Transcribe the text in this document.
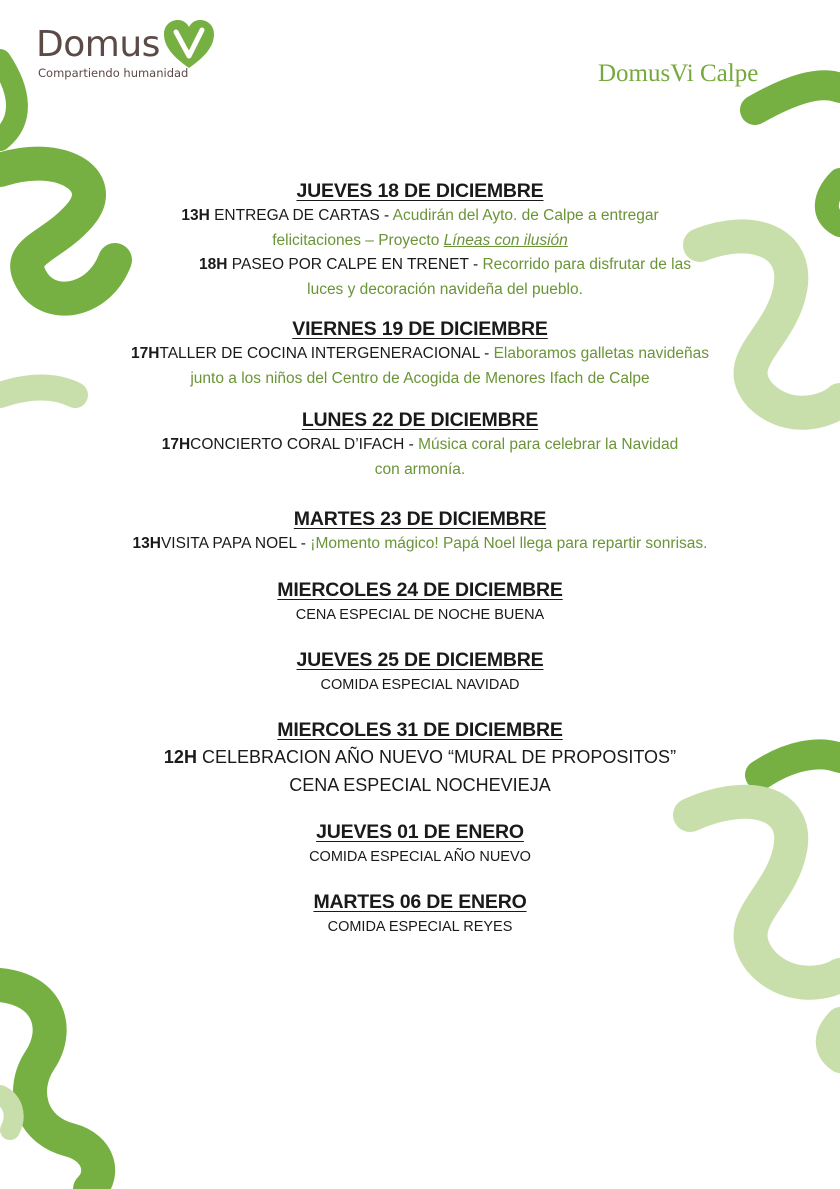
Domus
Compartiendo humanidad	DomusVi Calpe
JUEVES 18 DE DICIEMBRE
13H ENTREGA DE CARTAS - Acudirán del Ayto. de Calpe a entregar felicitaciones – Proyecto Líneas con ilusión
18H PASEO POR CALPE EN TRENET - Recorrido para disfrutar de las luces y decoración navideña del pueblo.
VIERNES 19 DE DICIEMBRE
17HTALLER DE COCINA INTERGENERACIONAL - Elaboramos galletas navideñas junto a los niños del Centro de Acogida de Menores Ifach de Calpe
LUNES 22 DE DICIEMBRE
17HCONCIERTO CORAL D’IFACH - Música coral para celebrar la Navidad con armonía.
MARTES 23 DE DICIEMBRE
13HVISITA PAPA NOEL - ¡Momento mágico! Papá Noel llega para repartir sonrisas.
MIERCOLES 24 DE DICIEMBRE
CENA ESPECIAL DE NOCHE BUENA
JUEVES 25 DE DICIEMBRE
COMIDA ESPECIAL NAVIDAD
MIERCOLES 31 DE DICIEMBRE
12H CELEBRACION AÑO NUEVO “MURAL DE PROPOSITOS”
CENA ESPECIAL NOCHEVIEJA
JUEVES 01 DE ENERO
COMIDA ESPECIAL AÑO NUEVO
MARTES 06 DE ENERO
COMIDA ESPECIAL REYES
